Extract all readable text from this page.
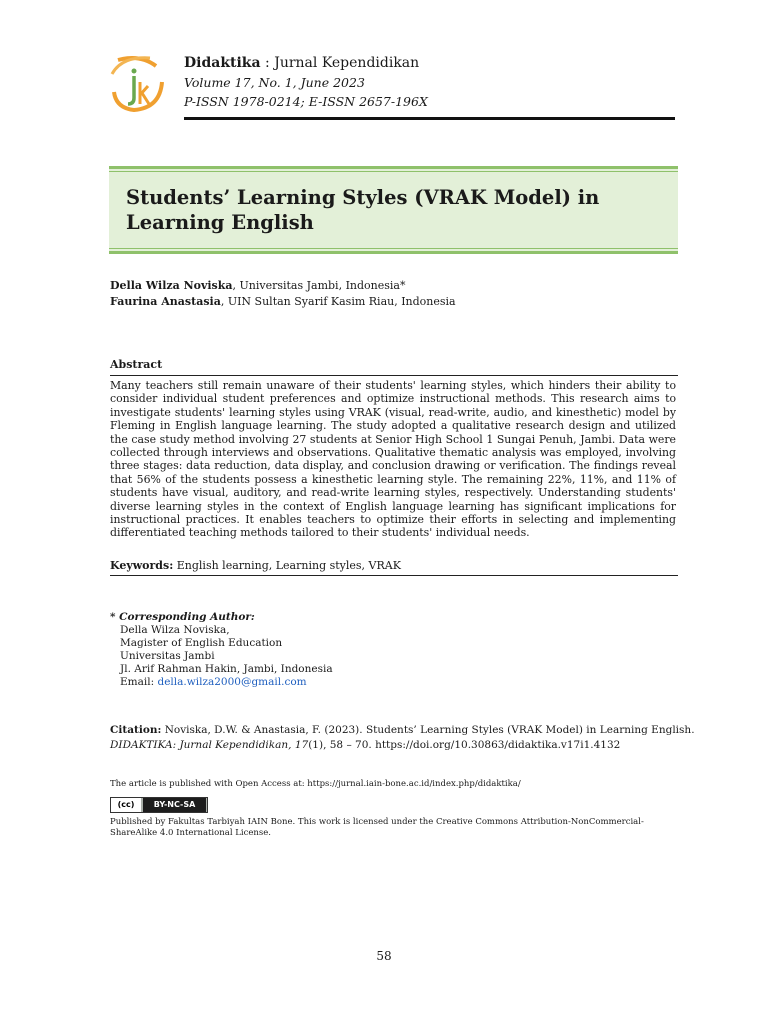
Didaktika : Jurnal Kependidikan
Volume 17, No. 1, June 2023
P-ISSN 1978-0214; E-ISSN 2657-196X
Students’ Learning Styles (VRAK Model) in Learning English
Della Wilza Noviska, Universitas Jambi, Indonesia*
Faurina Anastasia, UIN Sultan Syarif Kasim Riau, Indonesia
Abstract
Many teachers still remain unaware of their students' learning styles, which hinders their ability to consider individual student preferences and optimize instructional methods. This research aims to investigate students' learning styles using VRAK (visual, read-write, audio, and kinesthetic) model by Fleming in English language learning. The study adopted a qualitative research design and utilized the case study method involving 27 students at Senior High School 1 Sungai Penuh, Jambi. Data were collected through interviews and observations. Qualitative thematic analysis was employed, involving three stages: data reduction, data display, and conclusion drawing or verification. The findings reveal that 56% of the students possess a kinesthetic learning style. The remaining 22%, 11%, and 11% of students have visual, auditory, and read-write learning styles, respectively. Understanding students' diverse learning styles in the context of English language learning has significant implications for instructional practices. It enables teachers to optimize their efforts in selecting and implementing differentiated teaching methods tailored to their students' individual needs.
Keywords: English learning, Learning styles, VRAK
* Corresponding Author:
Della Wilza Noviska,
Magister of English Education
Universitas Jambi
Jl. Arif Rahman Hakin, Jambi, Indonesia
Email: della.wilza2000@gmail.com
Citation: Noviska, D.W. & Anastasia, F. (2023). Students’ Learning Styles (VRAK Model) in Learning English.
DIDAKTIKA: Jurnal Kependidikan, 17(1), 58 – 70. https://doi.org/10.30863/didaktika.v17i1.4132
The article is published with Open Access at: https://jurnal.iain-bone.ac.id/index.php/didaktika/
(cc)	BY-NC-SA
Published by Fakultas Tarbiyah IAIN Bone. This work is licensed under the Creative Commons Attribution-NonCommercial-ShareAlike 4.0 International License.
58
